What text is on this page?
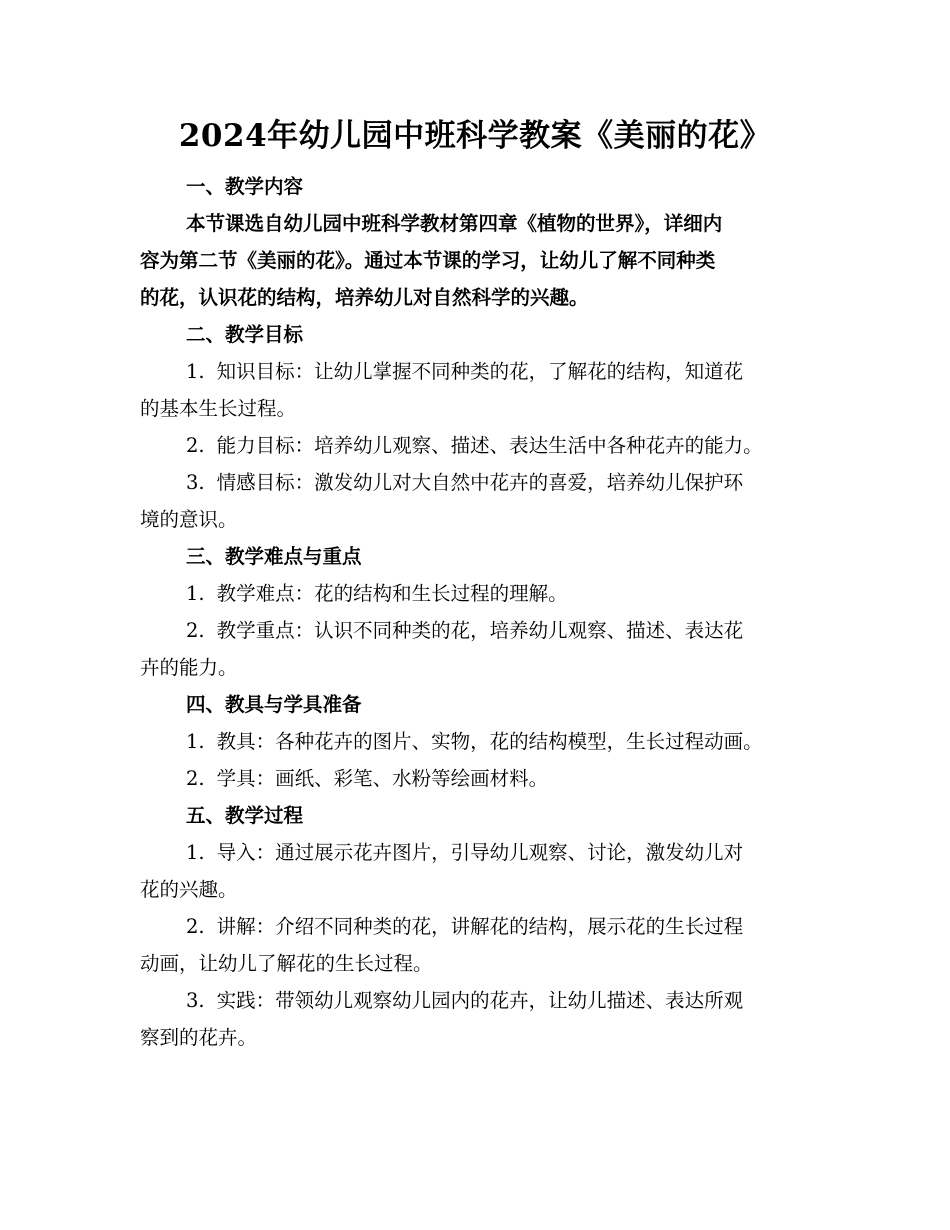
2024年幼儿园中班科学教案《美丽的花》

一、教学内容

本节课选自幼儿园中班科学教材第四章《植物的世界》，详细内

容为第二节《美丽的花》。通过本节课的学习，让幼儿了解不同种类

的花，认识花的结构，培养幼儿对自然科学的兴趣。

二、教学目标

1. 知识目标：让幼儿掌握不同种类的花，了解花的结构，知道花

的基本生长过程。

2. 能力目标：培养幼儿观察、描述、表达生活中各种花卉的能力。

3. 情感目标：激发幼儿对大自然中花卉的喜爱，培养幼儿保护环

境的意识。

三、教学难点与重点

1. 教学难点：花的结构和生长过程的理解。

2. 教学重点：认识不同种类的花，培养幼儿观察、描述、表达花

卉的能力。

四、教具与学具准备

1. 教具：各种花卉的图片、实物，花的结构模型，生长过程动画。

2. 学具：画纸、彩笔、水粉等绘画材料。

五、教学过程

1. 导入：通过展示花卉图片，引导幼儿观察、讨论，激发幼儿对

花的兴趣。

2. 讲解：介绍不同种类的花，讲解花的结构，展示花的生长过程

动画，让幼儿了解花的生长过程。

3. 实践：带领幼儿观察幼儿园内的花卉，让幼儿描述、表达所观

察到的花卉。
